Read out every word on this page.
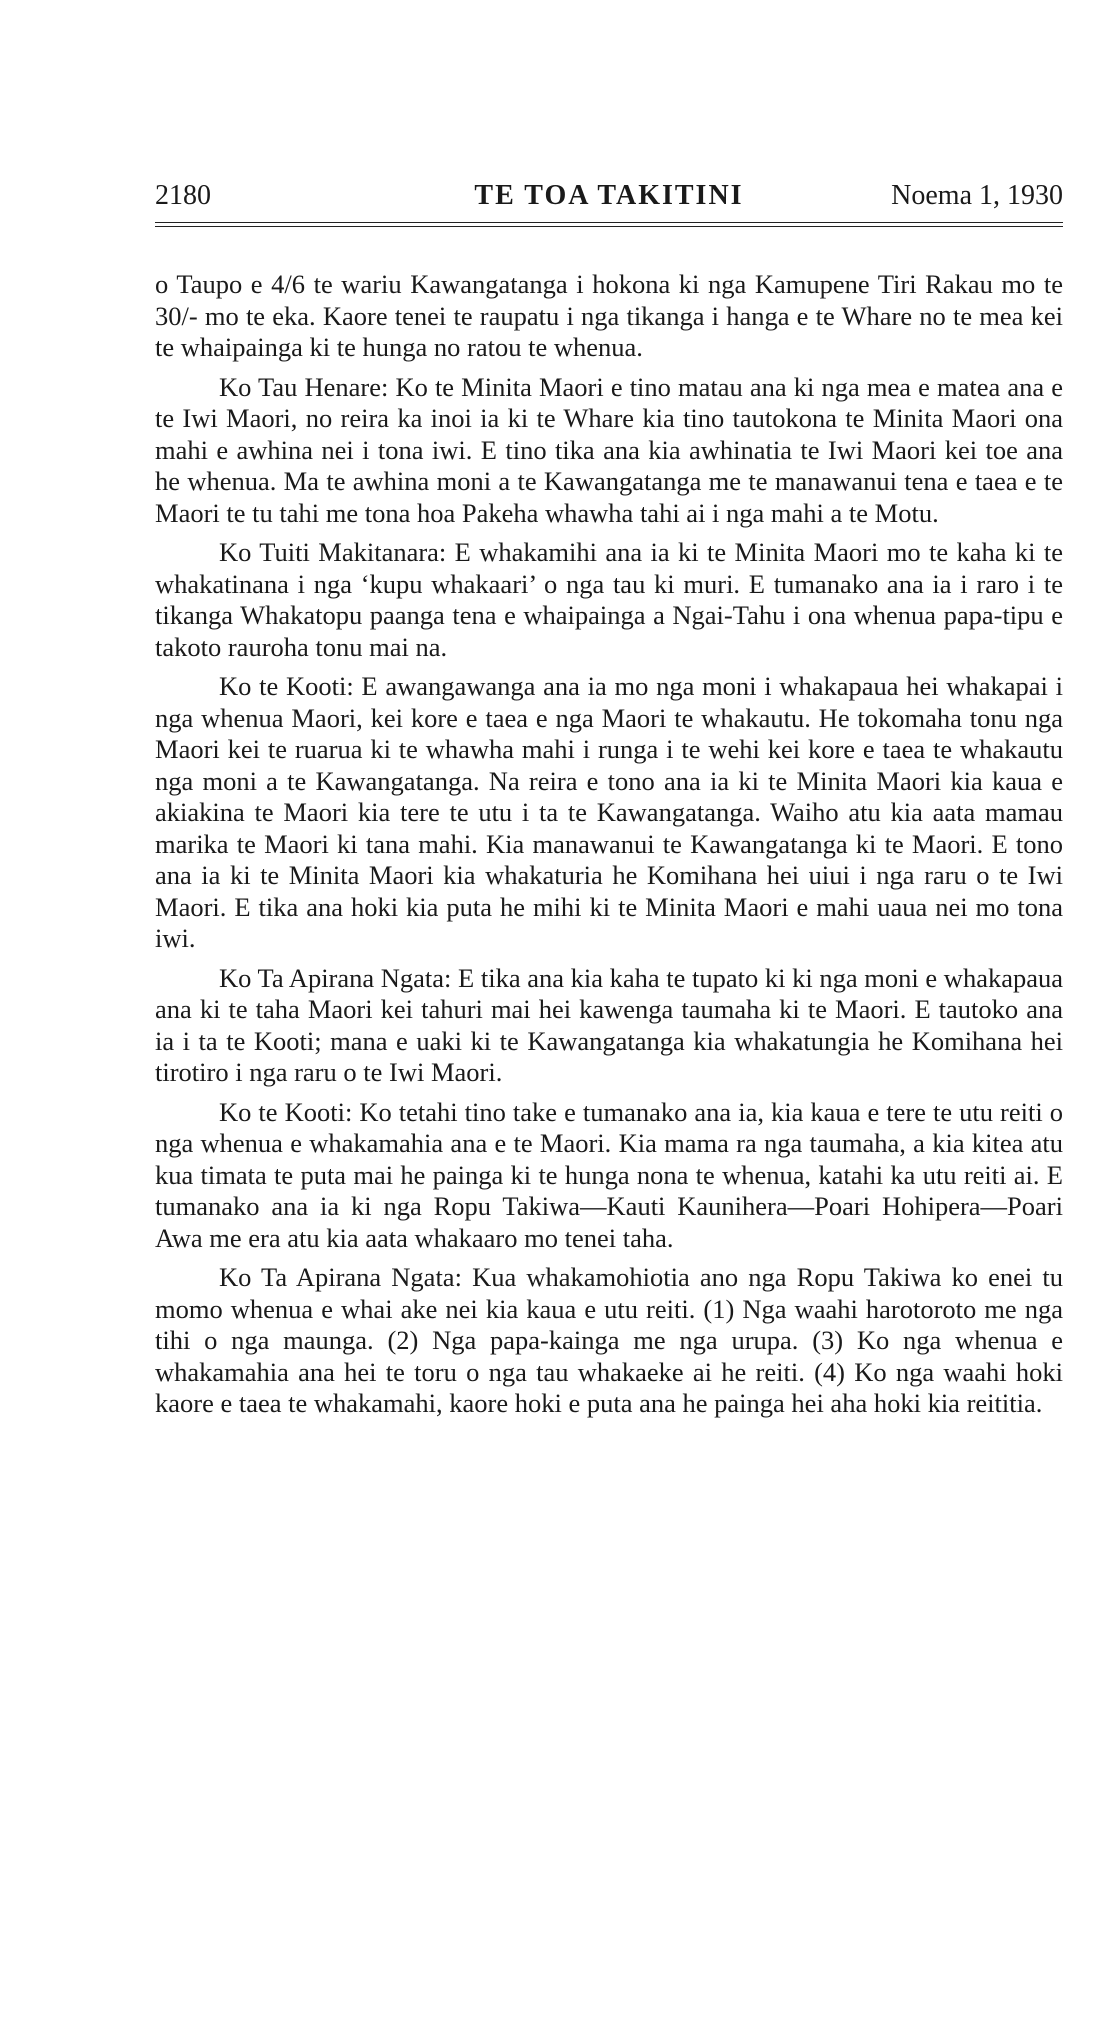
2180	TE TOA TAKITINI	Noema 1, 1930

o Taupo e 4/6 te wariu Kawangatanga i hokona ki nga Kamupene Tiri Rakau mo te 30/- mo te eka. Kaore tenei te raupatu i nga tikanga i hanga e te Whare no te mea kei te whaipainga ki te hunga no ratou te whenua.

Ko Tau Henare: Ko te Minita Maori e tino matau ana ki nga mea e matea ana e te Iwi Maori, no reira ka inoi ia ki te Whare kia tino tautokona te Minita Maori ona mahi e awhina nei i tona iwi. E tino tika ana kia awhinatia te Iwi Maori kei toe ana he whenua. Ma te awhina moni a te Kawangatanga me te manawanui tena e taea e te Maori te tu tahi me tona hoa Pakeha whawha tahi ai i nga mahi a te Motu.

Ko Tuiti Makitanara: E whakamihi ana ia ki te Minita Maori mo te kaha ki te whakatinana i nga ‘kupu whakaari’ o nga tau ki muri. E tumanako ana ia i raro i te tikanga Whakatopu paanga tena e whaipainga a Ngai-Tahu i ona whenua papa-tipu e takoto rauroha tonu mai na.

Ko te Kooti: E awangawanga ana ia mo nga moni i whakapaua hei whakapai i nga whenua Maori, kei kore e taea e nga Maori te whakautu. He tokomaha tonu nga Maori kei te ruarua ki te whawha mahi i runga i te wehi kei kore e taea te whakautu nga moni a te Kawangatanga. Na reira e tono ana ia ki te Minita Maori kia kaua e akiakina te Maori kia tere te utu i ta te Kawangatanga. Waiho atu kia aata mamau marika te Maori ki tana mahi. Kia manawanui te Kawangatanga ki te Maori. E tono ana ia ki te Minita Maori kia whakaturia he Komihana hei uiui i nga raru o te Iwi Maori. E tika ana hoki kia puta he mihi ki te Minita Maori e mahi uaua nei mo tona iwi.

Ko Ta Apirana Ngata: E tika ana kia kaha te tupato ki ki nga moni e whakapaua ana ki te taha Maori kei tahuri mai hei kawenga taumaha ki te Maori. E tautoko ana ia i ta te Kooti; mana e uaki ki te Kawangatanga kia whakatungia he Komihana hei tirotiro i nga raru o te Iwi Maori.

Ko te Kooti: Ko tetahi tino take e tumanako ana ia, kia kaua e tere te utu reiti o nga whenua e whakamahia ana e te Maori. Kia mama ra nga taumaha, a kia kitea atu kua timata te puta mai he painga ki te hunga nona te whenua, katahi ka utu reiti ai. E tumanako ana ia ki nga Ropu Takiwa—Kauti Kaunihera—Poari Hohipera—Poari Awa me era atu kia aata whakaaro mo tenei taha.

Ko Ta Apirana Ngata: Kua whakamohiotia ano nga Ropu Takiwa ko enei tu momo whenua e whai ake nei kia kaua e utu reiti. (1) Nga waahi harotoroto me nga tihi o nga maunga. (2) Nga papa-kainga me nga urupa. (3) Ko nga whenua e whakamahia ana hei te toru o nga tau whakaeke ai he reiti. (4) Ko nga waahi hoki kaore e taea te whakamahi, kaore hoki e puta ana he painga hei aha hoki kia reititia.
